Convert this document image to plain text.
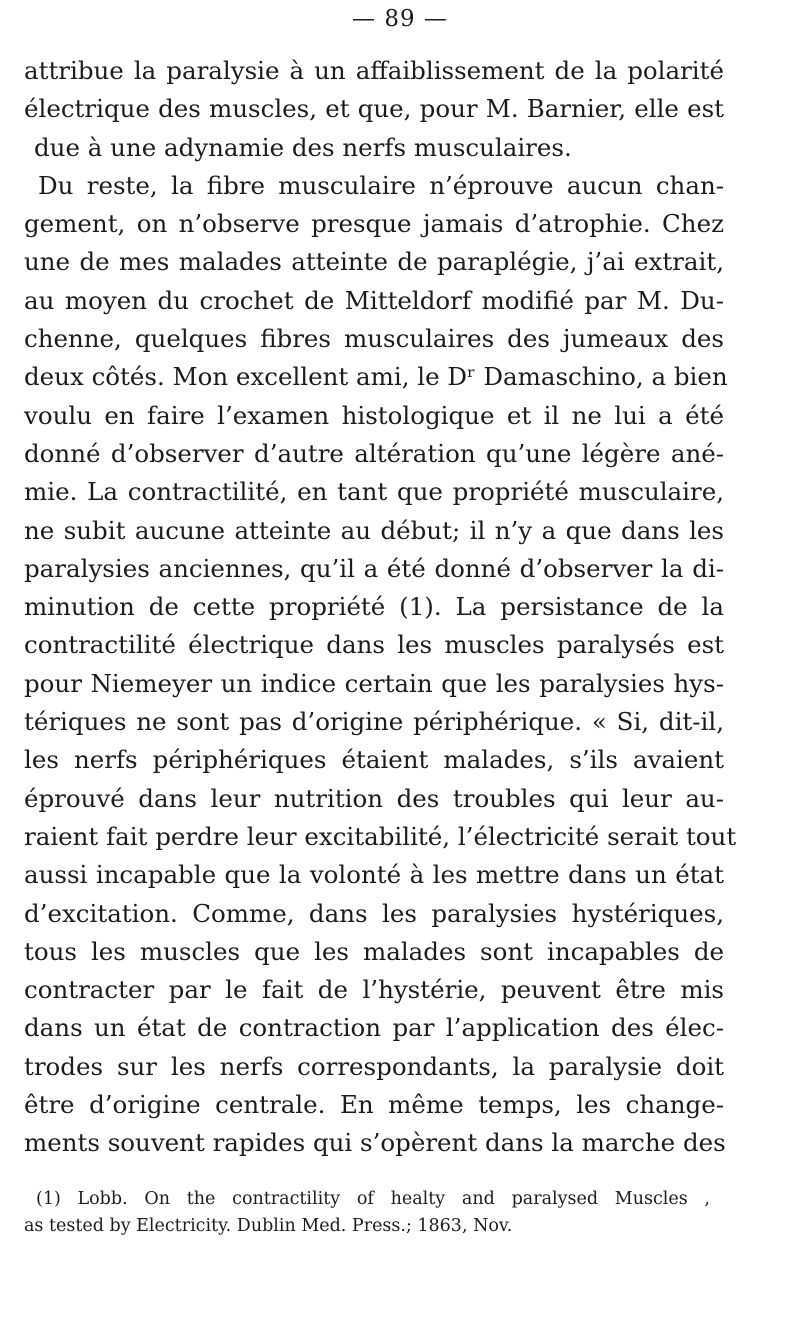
— 89 —
attribue la paralysie à un affaiblissement de la polarité
électrique des muscles, et que, pour M. Barnier, elle est
due à une adynamie des nerfs musculaires.
Du reste, la fibre musculaire n’éprouve aucun chan-
gement, on n’observe presque jamais d’atrophie. Chez
une de mes malades atteinte de paraplégie, j’ai extrait,
au moyen du crochet de Mitteldorf modifié par M. Du-
chenne, quelques fibres musculaires des jumeaux des
deux côtés. Mon excellent ami, le Dʳ Damaschino, a bien
voulu en faire l’examen histologique et il ne lui a été
donné d’observer d’autre altération qu’une légère ané-
mie. La contractilité, en tant que propriété musculaire,
ne subit aucune atteinte au début; il n’y a que dans les
paralysies anciennes, qu’il a été donné d’observer la di-
minution de cette propriété (1). La persistance de la
contractilité électrique dans les muscles paralysés est
pour Niemeyer un indice certain que les paralysies hys-
tériques ne sont pas d’origine périphérique. « Si, dit-il,
les nerfs périphériques étaient malades, s’ils avaient
éprouvé dans leur nutrition des troubles qui leur au-
raient fait perdre leur excitabilité, l’électricité serait tout
aussi incapable que la volonté à les mettre dans un état
d’excitation. Comme, dans les paralysies hystériques,
tous les muscles que les malades sont incapables de
contracter par le fait de l’hystérie, peuvent être mis
dans un état de contraction par l’application des élec-
trodes sur les nerfs correspondants, la paralysie doit
être d’origine centrale. En même temps, les change-
ments souvent rapides qui s’opèrent dans la marche des
(1) Lobb. On the contractility of healty and paralysed Muscles ,
as tested by Electricity. Dublin Med. Press.; 1863, Nov.
